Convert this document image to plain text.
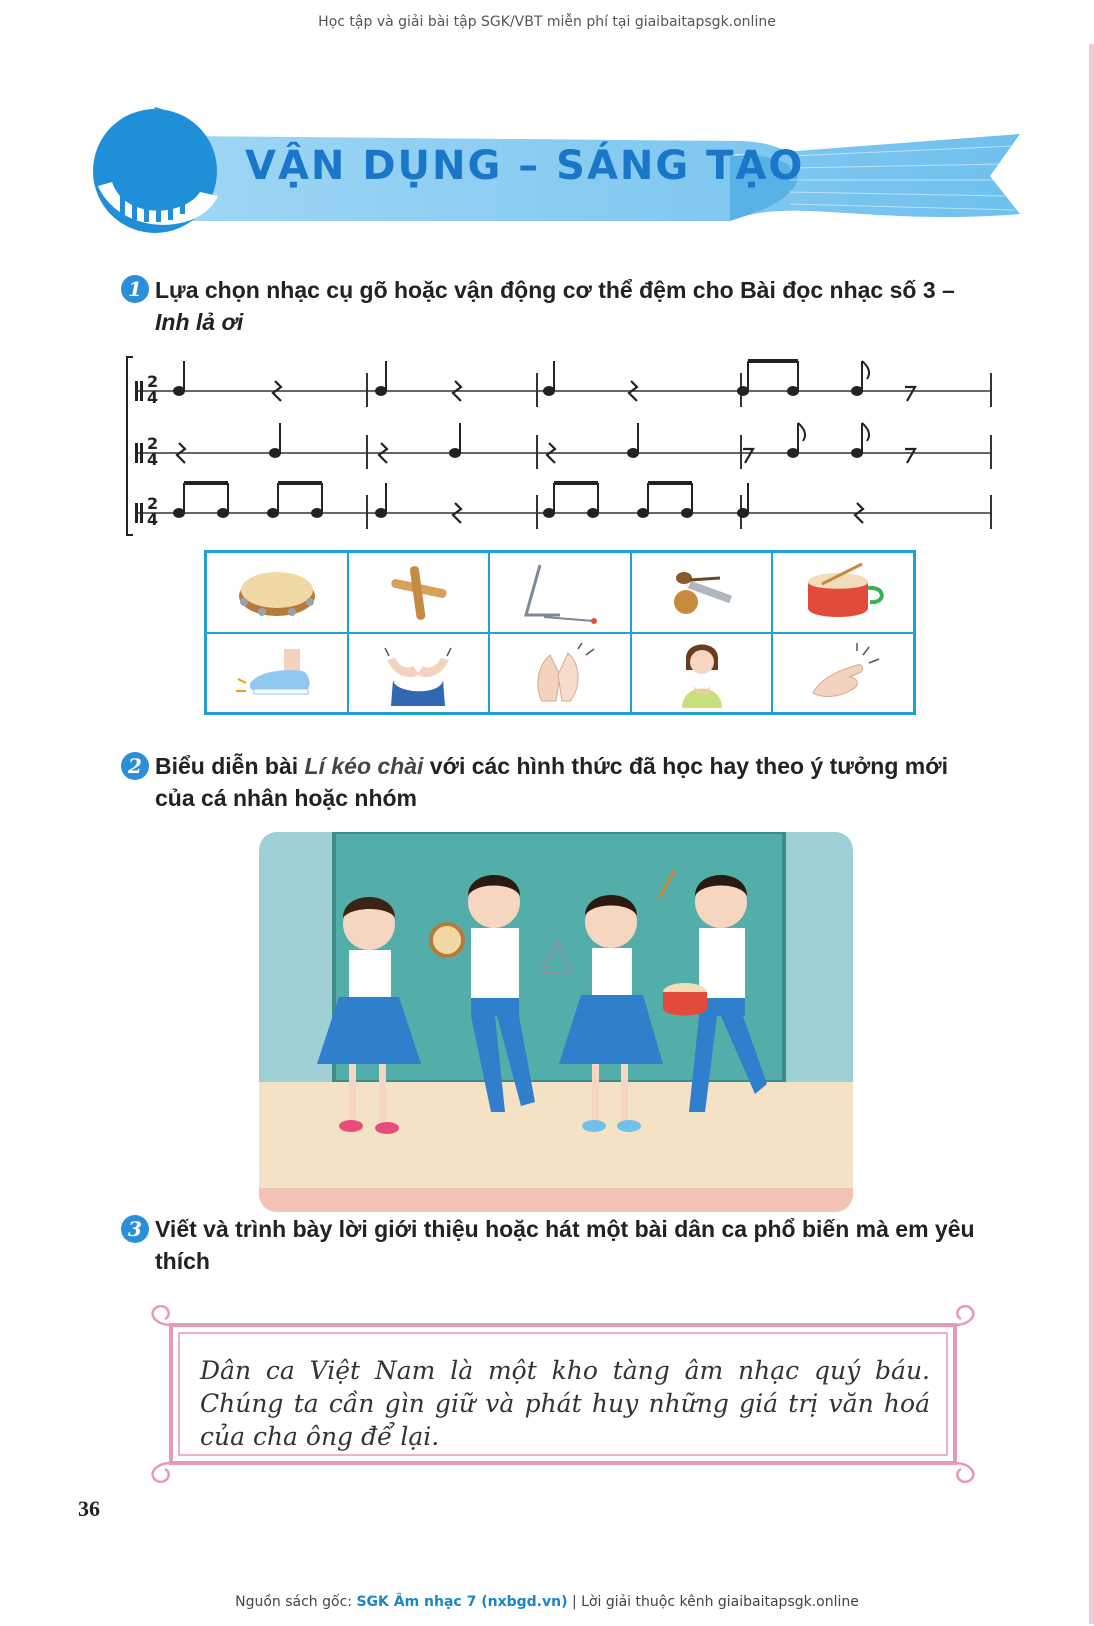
Học tập và giải bài tập SGK/VBT miễn phí tại giaibaitapsgk.online
♫ ♪
𝄞 VẬN DỤNG – SÁNG TẠO
1 Lựa chọn nhạc cụ gõ hoặc vận động cơ thể đệm cho Bài đọc nhạc số 3 –
Inh lả ơi
2
4
2
4
2
4
2 Biểu diễn bài Lí kéo chài với các hình thức đã học hay theo ý tưởng mới của cá nhân hoặc nhóm
3 Viết và trình bày lời giới thiệu hoặc hát một bài dân ca phổ biến mà em yêu thích
Dân ca Việt Nam là một kho tàng âm nhạc quý báu. Chúng ta cần gìn giữ và phát huy những giá trị văn hoá của cha ông để lại.
36
Nguồn sách gốc: SGK Âm nhạc 7 (nxbgd.vn) | Lời giải thuộc kênh giaibaitapsgk.online
